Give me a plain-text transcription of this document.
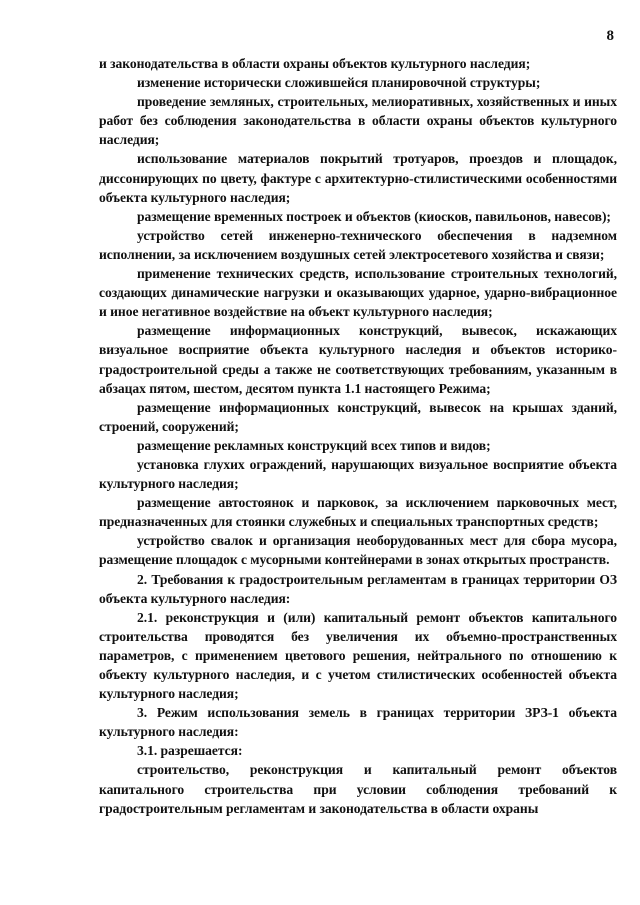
8

и законодательства в области охраны объектов культурного наследия;

изменение исторически сложившейся планировочной структуры;

проведение земляных, строительных, мелиоративных, хозяйственных и иных работ без соблюдения законодательства в области охраны объектов культурного наследия;

использование материалов покрытий тротуаров, проездов и площадок, диссонирующих по цвету, фактуре с архитектурно-стилистическими особенностями объекта культурного наследия;

размещение временных построек и объектов (киосков, павильонов, навесов);

устройство сетей инженерно-технического обеспечения в надземном исполнении, за исключением воздушных сетей электросетевого хозяйства и связи;

применение технических средств, использование строительных технологий, создающих динамические нагрузки и оказывающих ударное, ударно-вибрационное и иное негативное воздействие на объект культурного наследия;

размещение информационных конструкций, вывесок, искажающих визуальное восприятие объекта культурного наследия и объектов историко-градостроительной среды а также не соответствующих требованиям, указанным в абзацах пятом, шестом, десятом пункта 1.1 настоящего Режима;

размещение информационных конструкций, вывесок на крышах зданий, строений, сооружений;

размещение рекламных конструкций всех типов и видов;

установка глухих ограждений, нарушающих визуальное восприятие объекта культурного наследия;

размещение автостоянок и парковок, за исключением парковочных мест, предназначенных для стоянки служебных и специальных транспортных средств;

устройство свалок и организация необорудованных мест для сбора мусора, размещение площадок с мусорными контейнерами в зонах открытых пространств.

2. Требования к градостроительным регламентам в границах территории ОЗ объекта культурного наследия:

2.1. реконструкция и (или) капитальный ремонт объектов капитального строительства проводятся без увеличения их объемно-пространственных параметров, с применением цветового решения, нейтрального по отношению к объекту культурного наследия, и с учетом стилистических особенностей объекта культурного наследия;

3. Режим использования земель в границах территории ЗРЗ-1 объекта культурного наследия:

3.1. разрешается:

строительство, реконструкция и капитальный ремонт объектов капитального строительства при условии соблюдения требований к градостроительным регламентам и законодательства в области охраны
